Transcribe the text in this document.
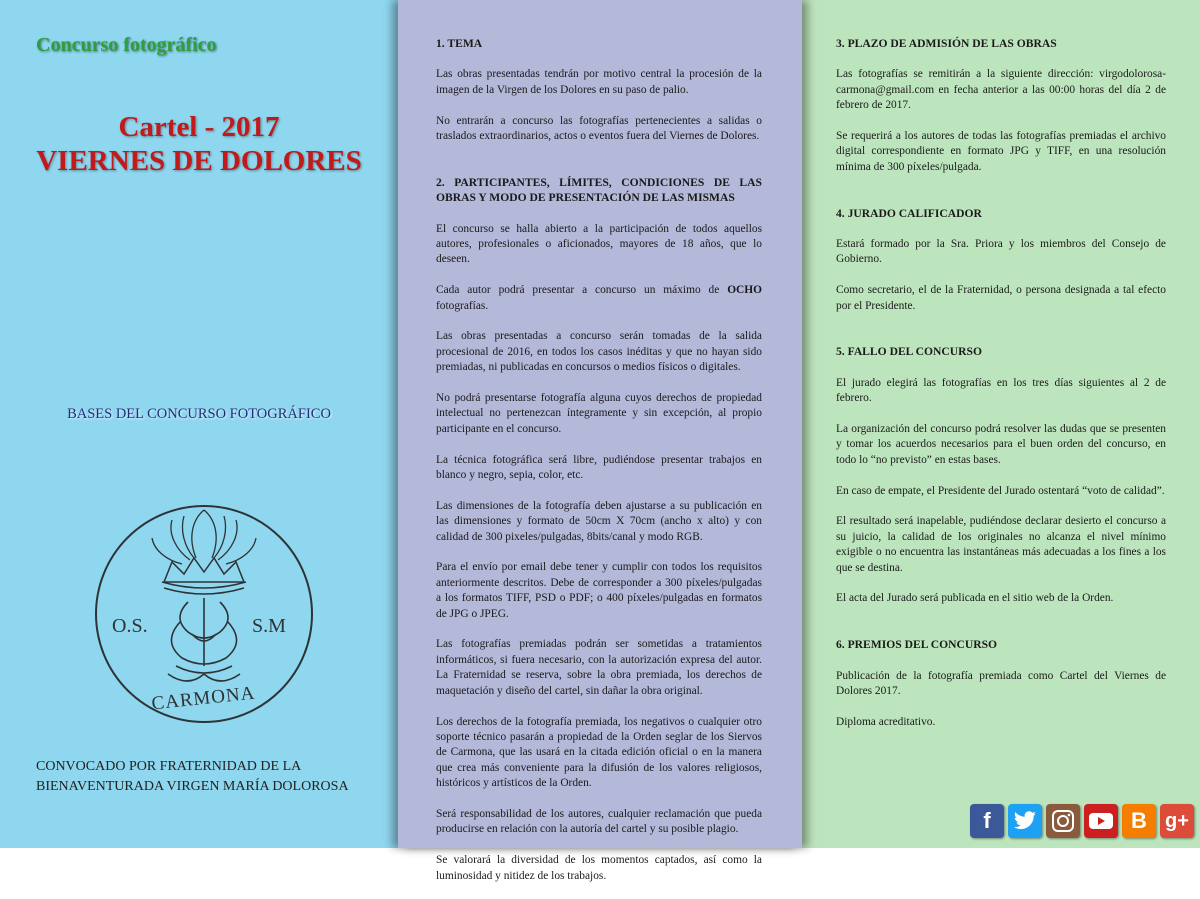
Concurso fotográfico
Cartel - 2017
VIERNES DE DOLORES
BASES DEL CONCURSO FOTOGRÁFICO
O.S.	S.M
CARMONA
CONVOCADO POR FRATERNIDAD DE LA
BIENAVENTURADA VIRGEN MARÍA DOLOROSA
1. TEMA

Las obras presentadas tendrán por motivo central la procesión de la imagen de la Virgen de los Dolores en su paso de palio.

No entrarán a concurso las fotografías pertenecientes a salidas o traslados extraordinarios, actos o eventos fuera del Viernes de Dolores.

2. PARTICIPANTES, LÍMITES, CONDICIONES DE LAS OBRAS Y MODO DE PRESENTACIÓN DE LAS MISMAS

El concurso se halla abierto a la participación de todos aquellos autores, profesionales o aficionados, mayores de 18 años, que lo deseen.

Cada autor podrá presentar a concurso un máximo de OCHO fotografías.

Las obras presentadas a concurso serán tomadas de la salida procesional de 2016, en todos los casos inéditas y que no hayan sido premiadas, ni publicadas en concursos o medios físicos o digitales.

No podrá presentarse fotografía alguna cuyos derechos de propiedad intelectual no pertenezcan íntegramente y sin excepción, al propio participante en el concurso.

La técnica fotográfica será libre, pudiéndose presentar trabajos en blanco y negro, sepia, color, etc.

Las dimensiones de la fotografía deben ajustarse a su publicación en las dimensiones y formato de 50cm X 70cm (ancho x alto) y con calidad de 300 pixeles/pulgadas, 8bits/canal y modo RGB.

Para el envío por email debe tener y cumplir con todos los requisitos anteriormente descritos. Debe de corresponder a 300 píxeles/pulgadas a los formatos TIFF, PSD o PDF; o 400 píxeles/pulgadas en formatos de JPG o JPEG.

Las fotografías premiadas podrán ser sometidas a tratamientos informáticos, si fuera necesario, con la autorización expresa del autor. La Fraternidad se reserva, sobre la obra premiada, los derechos de maquetación y diseño del cartel, sin dañar la obra original.

Los derechos de la fotografía premiada, los negativos o cualquier otro soporte técnico pasarán a propiedad de la Orden seglar de los Siervos de Carmona, que las usará en la citada edición oficial o en la manera que crea más conveniente para la difusión de los valores religiosos, históricos y artísticos de la Orden.

Será responsabilidad de los autores, cualquier reclamación que pueda producirse en relación con la autoría del cartel y su posible plagio.

Se valorará la diversidad de los momentos captados, así como la luminosidad y nitidez de los trabajos.

3. PLAZO DE ADMISIÓN DE LAS OBRAS

Las fotografías se remitirán a la siguiente dirección: virgodolorosa-carmona@gmail.com en fecha anterior a las 00:00 horas del día 2 de febrero de 2017.

Se requerirá a los autores de todas las fotografías premiadas el archivo digital correspondiente en formato JPG y TIFF, en una resolución mínima de 300 píxeles/pulgada.

4. JURADO CALIFICADOR

Estará formado por la Sra. Priora y los miembros del Consejo de Gobierno.

Como secretario, el de la Fraternidad, o persona designada a tal efecto por el Presidente.

5. FALLO DEL CONCURSO

El jurado elegirá las fotografías en los tres días siguientes al 2 de febrero.

La organización del concurso podrá resolver las dudas que se presenten y tomar los acuerdos necesarios para el buen orden del concurso, en todo lo “no previsto” en estas bases.

En caso de empate, el Presidente del Jurado ostentará “voto de calidad”.

El resultado será inapelable, pudiéndose declarar desierto el concurso a su juicio, la calidad de los originales no alcanza el nivel mínimo exigible o no encuentra las instantáneas más adecuadas a los fines a los que se destina.

El acta del Jurado será publicada en el sitio web de la Orden.

6. PREMIOS DEL CONCURSO

Publicación de la fotografía premiada como Cartel del Viernes de Dolores 2017.

Diploma acreditativo.

f	B g+
